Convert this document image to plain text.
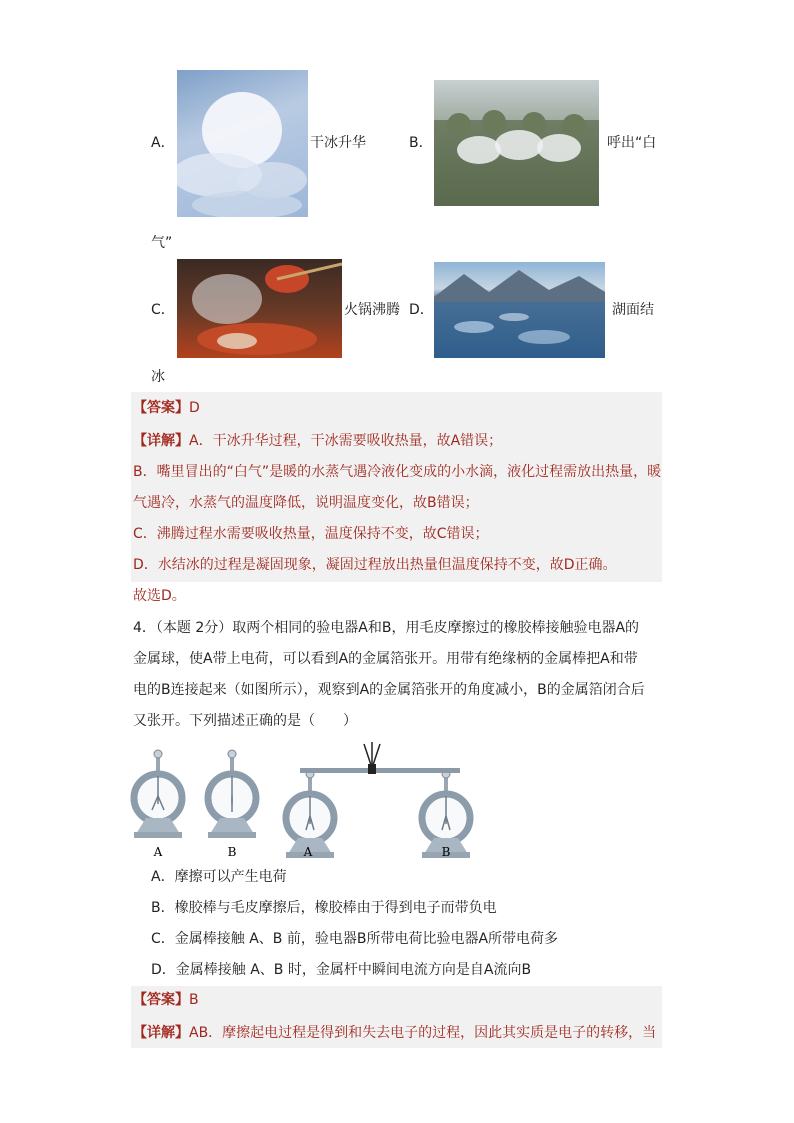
A．	干冰升华	B．	呼出“白
气”
C．	火锅沸腾 D．	湖面结
冰
【答案】D
【详解】A．干冰升华过程，干冰需要吸收热量，故A错误；
B．嘴里冒出的“白气”是暖的水蒸气遇冷液化变成的小水滴，液化过程需放出热量，暖
气遇冷，水蒸气的温度降低，说明温度变化，故B错误；
C．沸腾过程水需要吸收热量，温度保持不变，故C错误；
D．水结冰的过程是凝固现象，凝固过程放出热量但温度保持不变，故D正确。
故选D。
4．（本题 2分）取两个相同的验电器A和B，用毛皮摩擦过的橡胶棒接触验电器A的
金属球，使A带上电荷，可以看到A的金属箔张开。用带有绝缘柄的金属棒把A和带
电的B连接起来（如图所示），观察到A的金属箔张开的角度减小，B的金属箔闭合后
又张开。下列描述正确的是（　　）
A	B	A	B
A．摩擦可以产生电荷
B．橡胶棒与毛皮摩擦后，橡胶棒由于得到电子而带负电
C．金属棒接触 A、B 前，验电器B所带电荷比验电器A所带电荷多
D．金属棒接触 A、B 时，金属杆中瞬间电流方向是自A流向B
【答案】B
【详解】AB．摩擦起电过程是得到和失去电子的过程，因此其实质是电子的转移，当
